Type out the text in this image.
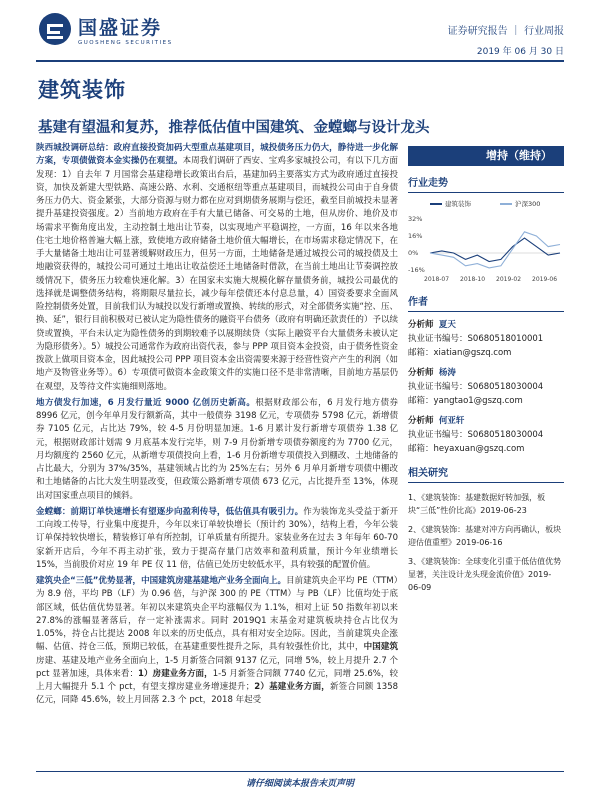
国盛证券
GUOSHENG SECURITIES
证券研究报告 ｜ 行业周报
2019 年 06 月 30 日
建筑装饰
基建有望温和复苏，推荐低估值中国建筑、金螳螂与设计龙头

陕西城投调研总结：政府直接投资加码大型重点基建项目，城投债务压力仍大，静待进一步化解方案，专项债做资本金实操仍在观望。本周我们调研了西安、宝鸡多家城投公司，有以下几方面发现：1）自去年 7 月国常会基建稳增长政策出台后，基建加码主要落实方式为政府通过直接投资，加快及新建大型铁路、高速公路、水利、交通枢纽等重点基建项目，而城投公司由于自身债务压力仍大、资金紧张，大部分资源与财力都在应对到期债务展期与偿还，截至目前城投未显著提升基建投资强度。2）当前地方政府在手有大量已储备、可交易的土地，但从房价、地价及市场需求平衡角度出发，主动控制土地出让节奏，以实现地产平稳调控，一方面，16 年以来各地住宅土地价格普遍大幅上涨，致使地方政府储备土地价值大幅增长，在市场需求稳定情况下，在手大量储备土地出让可显著缓解财政压力，但另一方面，土地储备是通过城投公司的城投债及土地融资获得的，城投公司可通过土地出让收益偿还土地储备时借款，在当前土地出让节奏调控放缓情况下，债务压力较难快速化解。3）在国家未实施大规模化解存量债务前，城投公司最优的选择就是调整债务结构，将期限尽量拉长，减少每年偿债还本付息总量，4）国资委要求全面风险控制债务处置，目前我们认为城投以发行新增或置换、转续的形式，对全部债务实施“控、压、换、延”，银行目前积极对已被认定为隐性债务的融资平台债务（政府有明确还款责任的）予以续贷或置换，平台未认定为隐性债务的到期较难予以展期续贷（实际上融资平台大量债务未被认定为隐形债务）。5）城投公司通常作为政府出资代表，参与 PPP 项目资本金投资，由于债务性资金拨款上做项目资本金，因此城投公司 PPP 项目资本金出资需要来源于经营性资产产生的利润（如地产及物管业务等）。6）专项债可做资本金政策文件的实施口径不是非常清晰，目前地方基层仍在观望，及等待文件实施细则落地。

地方债发行加速，6 月发行量近 9000 亿创历史新高。根据财政部公布，6 月发行地方债券 8996 亿元，创今年单月发行额新高，其中一般债券 3198 亿元，专项债券 5798 亿元，新增债券 7105 亿元，占比达 79%，较 4-5 月份明显加速。1-6 月累计发行新增专项债券 1.38 亿元，根据财政部计划需 9 月底基本发行完毕，则 7-9 月份新增专项债券额度约为 7700 亿元，月均额度约 2560 亿元，从新增专项债投向上看，1-6 月份新增专项债投入到棚改、土地储备的占比最大，分别为 37%/35%，基建领域占比约为 25%左右；另外 6 月单月新增专项债中棚改和土地储备的占比大发生明显改变，但政策公路新增专项债 673 亿元，占比提升至 13%，体现出对国家重点项目的倾斜。

金螳螂：前期订单快速增长有望逐步向盈利传导，低估值具有吸引力。作为装饰龙头受益于新开工向竣工传导，行业集中度提升，今年以来订单较快增长（预计约 30%），结构上看，今年公装订单保持较快增长，精装修订单有所控制，订单质量有所提升。家装业务在过去 3 年每年 60-70 家新开店后，今年不再主动扩张，致力于提高存量门店效率和盈利质量，预计今年业绩增长 15%，当前股价对应 19 年 PE 仅 11 倍，估值已处历史较低水平，具有较强的配置价值。

建筑央企“三低”优势显著，中国建筑房建基建地产业务全面向上。目前建筑央企平均 PE（TTM）为 8.9 倍，平均 PB（LF）为 0.96 倍，与沪深 300 的 PE（TTM）与 PB（LF）比值均处于底部区域，低估值优势显著。年初以来建筑央企平均涨幅仅为 1.1%，相对上证 50 指数年初以来 27.8%的涨幅显著落后，存一定补涨需求。同时 2019Q1 末基金对建筑板块持仓占比仅为 1.05%，持仓占比提达 2008 年以来的历史低点，具有相对安全边际。因此，当前建筑央企涨幅、估值、持仓三低，预期已较低，在基建重要性提升之际，具有较强性价比，其中，中国建筑房建、基建及地产业务全面向上，1-5 月新签合同额 9137 亿元，同增 5%，较上月提升 2.7 个 pct 显著加速，具体来看：1）房建业务方面，1-5 月新签合同额 7740 亿元，同增 25.6%，较上月大幅提升 5.1 个 pct，有望支撑房建业务增速提升；2）基建业务方面，新签合同额 1358 亿元，同降 45.6%，较上月回落 2.3 个 pct，2018 年起受

增持（维持）
行业走势
32%
16%
0%
-16%
2018-07 2018-10 2019-02 2019-06
建筑装饰	沪深300
作者
分析师 夏天
执业证书编号：S0680518010001
邮箱：xiatian@gszq.com
分析师 杨涛
执业证书编号：S0680518030004
邮箱：yangtao1@gszq.com
分析师 何亚轩
执业证书编号：S0680518030004
邮箱：heyaxuan@gszq.com
相关研究
1、《建筑装饰：基建数据好转加强，板块“三低”性价比高》2019-06-23
2、《建筑装饰：基建对冲方向再确认，板块迎估值重塑》2019-06-16
3、《建筑装饰：全球变化引重于低估值优势显著，关注设计龙头现金流价值》2019-06-09
请仔细阅读本报告末页声明
